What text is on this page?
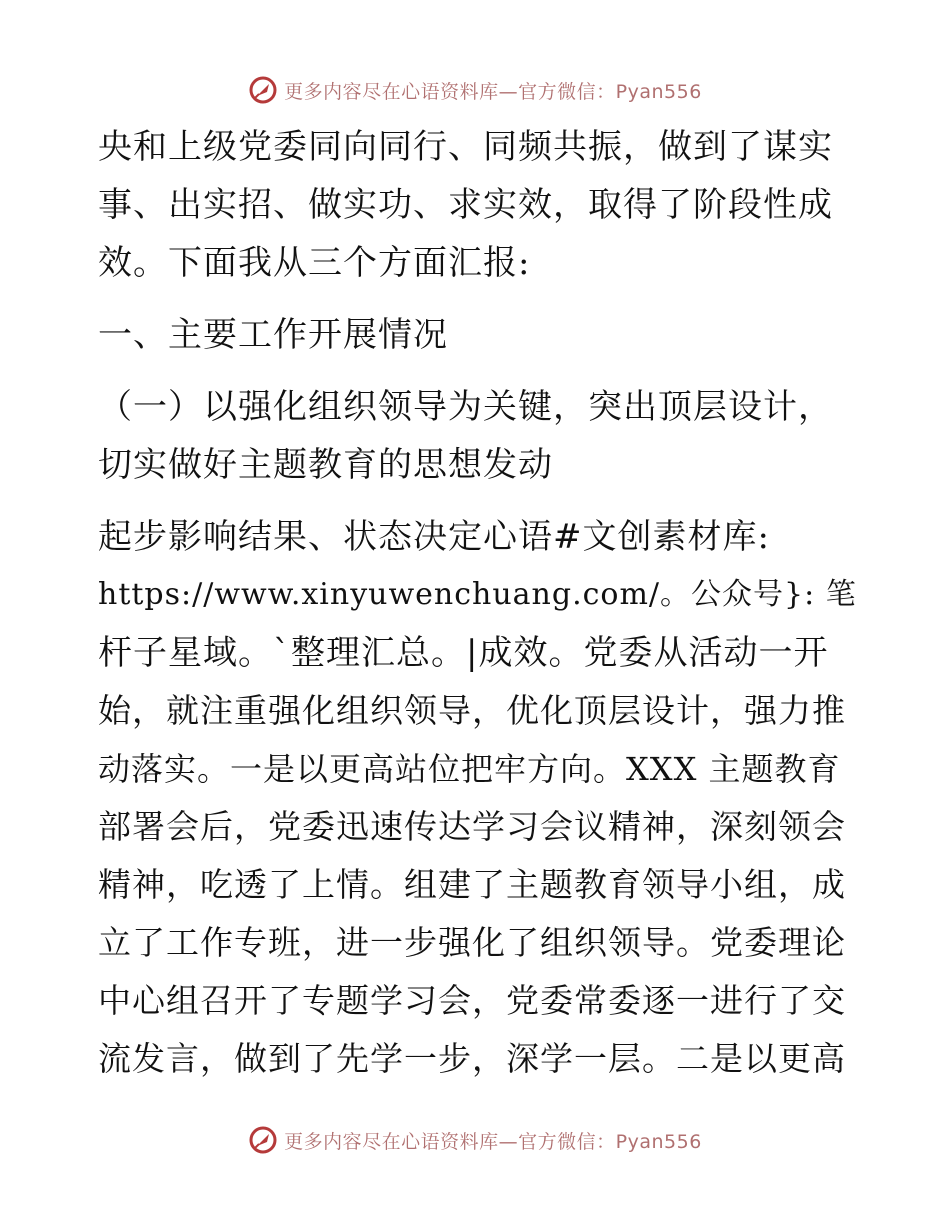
更多内容尽在心语资料库—官方微信：Pyan556
央和上级党委同向同行、同频共振，做到了谋实
事、出实招、做实功、求实效，取得了阶段性成
效。下面我从三个方面汇报:
一、主要工作开展情况
（一）以强化组织领导为关键，突出顶层设计，
切实做好主题教育的思想发动
起步影响结果、状态决定心语#文创素材库:
https://www.xinyuwenchuang.com/。公众号}: 笔
杆子星域。`整理汇总。|成效。党委从活动一开
始，就注重强化组织领导，优化顶层设计，强力推
动落实。一是以更高站位把牢方向。XXX 主题教育
部署会后，党委迅速传达学习会议精神，深刻领会
精神，吃透了上情。组建了主题教育领导小组，成
立了工作专班，进一步强化了组织领导。党委理论
中心组召开了专题学习会，党委常委逐一进行了交
流发言，做到了先学一步，深学一层。二是以更高
更多内容尽在心语资料库—官方微信：Pyan556
